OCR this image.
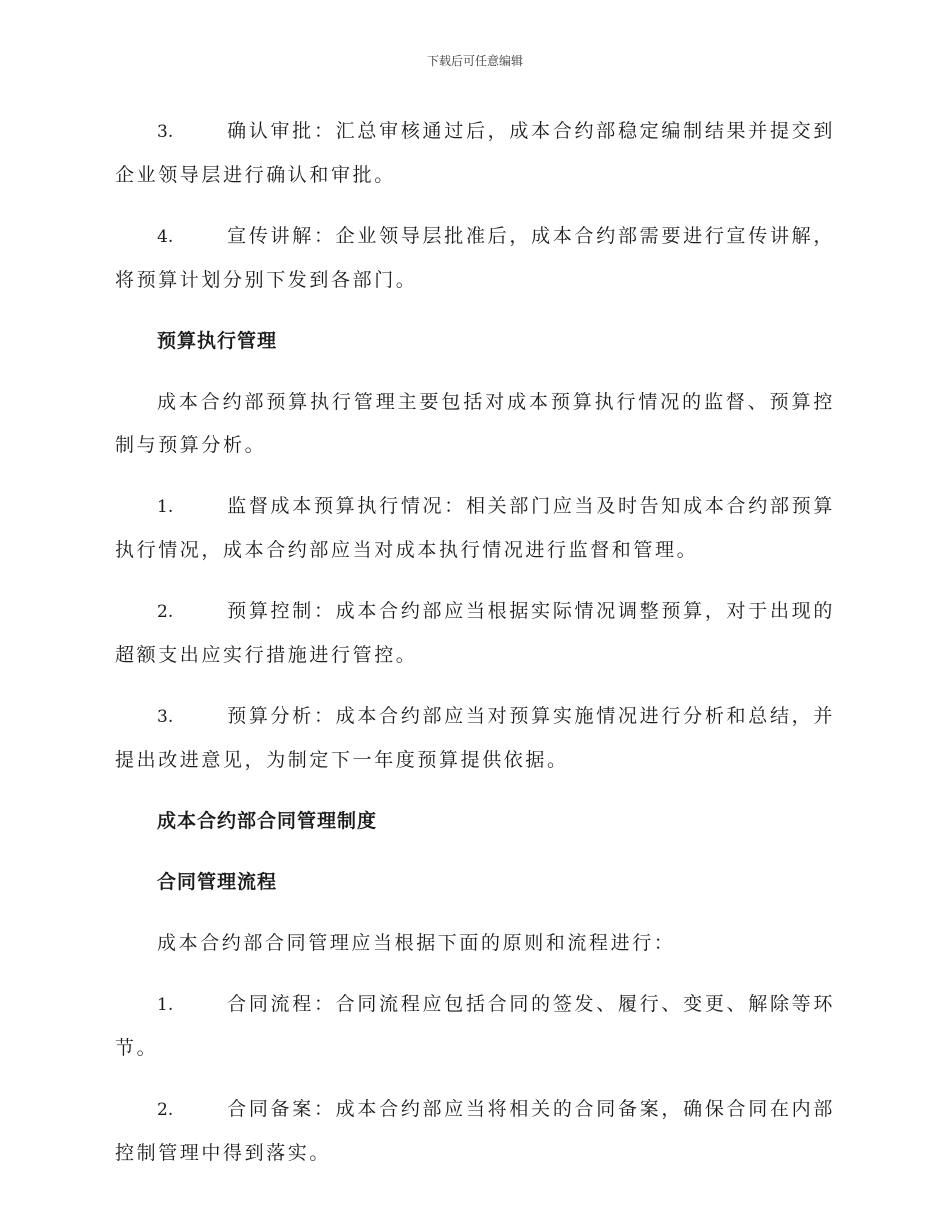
下载后可任意编辑

3.	确认审批：汇总审核通过后，成本合约部稳定编制结果并提交到企业领导层进行确认和审批。

4.	宣传讲解：企业领导层批准后，成本合约部需要进行宣传讲解，将预算计划分别下发到各部门。

预算执行管理

成本合约部预算执行管理主要包括对成本预算执行情况的监督、预算控制与预算分析。

1.	监督成本预算执行情况：相关部门应当及时告知成本合约部预算执行情况，成本合约部应当对成本执行情况进行监督和管理。

2.	预算控制：成本合约部应当根据实际情况调整预算，对于出现的超额支出应实行措施进行管控。

3.	预算分析：成本合约部应当对预算实施情况进行分析和总结，并提出改进意见，为制定下一年度预算提供依据。

成本合约部合同管理制度

合同管理流程

成本合约部合同管理应当根据下面的原则和流程进行：

1.	合同流程：合同流程应包括合同的签发、履行、变更、解除等环节。

2.	合同备案：成本合约部应当将相关的合同备案，确保合同在内部控制管理中得到落实。
